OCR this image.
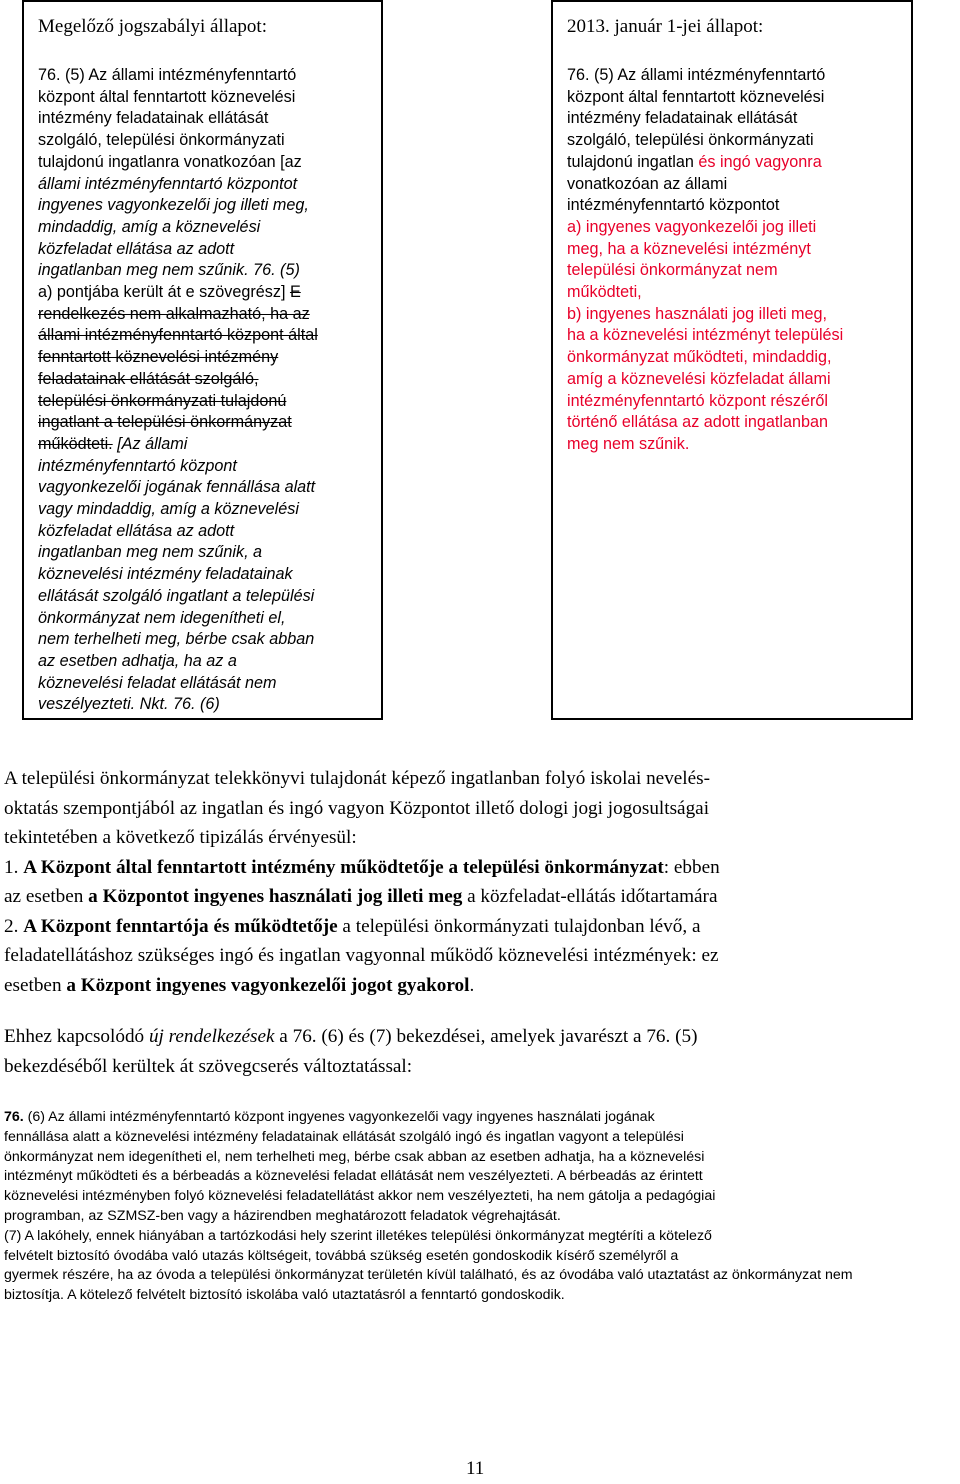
Megelőző jogszabályi állapot:
76. (5) Az állami intézményfenntartó
központ által fenntartott köznevelési
intézmény feladatainak ellátását
szolgáló, települési önkormányzati
tulajdonú ingatlanra vonatkozóan [az
állami intézményfenntartó központot
ingyenes vagyonkezelői jog illeti meg,
mindaddig, amíg a köznevelési
közfeladat ellátása az adott
ingatlanban meg nem szűnik. 76. (5)
a) pontjába került át e szövegrész] E
rendelkezés nem alkalmazható, ha az
állami intézményfenntartó központ által
fenntartott köznevelési intézmény
feladatainak ellátását szolgáló,
települési önkormányzati tulajdonú
ingatlant a települési önkormányzat
működteti. [Az állami
intézményfenntartó központ
vagyonkezelői jogának fennállása alatt
vagy mindaddig, amíg a köznevelési
közfeladat ellátása az adott
ingatlanban meg nem szűnik, a
köznevelési intézmény feladatainak
ellátását szolgáló ingatlant a települési
önkormányzat nem idegenítheti el,
nem terhelheti meg, bérbe csak abban
az esetben adhatja, ha az a
köznevelési feladat ellátását nem
veszélyezteti. Nkt. 76. (6)
2013. január 1-jei állapot:
76. (5) Az állami intézményfenntartó
központ által fenntartott köznevelési
intézmény feladatainak ellátását
szolgáló, települési önkormányzati
tulajdonú ingatlan és ingó vagyonra
vonatkozóan az állami
intézményfenntartó központot
a) ingyenes vagyonkezelői jog illeti
meg, ha a köznevelési intézményt
települési önkormányzat nem
működteti,
b) ingyenes használati jog illeti meg,
ha a köznevelési intézményt települési
önkormányzat működteti, mindaddig,
amíg a köznevelési közfeladat állami
intézményfenntartó központ részéről
történő ellátása az adott ingatlanban
meg nem szűnik.
A települési önkormányzat telekkönyvi tulajdonát képező ingatlanban folyó iskolai nevelés-
oktatás szempontjából az ingatlan és ingó vagyon Központot illető dologi jogi jogosultságai
tekintetében a következő tipizálás érvényesül:
1. A Központ által fenntartott intézmény működtetője a települési önkormányzat: ebben
az esetben a Központot ingyenes használati jog illeti meg a közfeladat-ellátás időtartamára
2. A Központ fenntartója és működtetője a települési önkormányzati tulajdonban lévő, a
feladatellátáshoz szükséges ingó és ingatlan vagyonnal működő köznevelési intézmények: ez
esetben a Központ ingyenes vagyonkezelői jogot gyakorol.
Ehhez kapcsolódó új rendelkezések a 76. (6) és (7) bekezdései, amelyek javarészt a 76. (5)
bekezdéséből kerültek át szövegcserés változtatással:
76. (6) Az állami intézményfenntartó központ ingyenes vagyonkezelői vagy ingyenes használati jogának
fennállása alatt a köznevelési intézmény feladatainak ellátását szolgáló ingó és ingatlan vagyont a települési
önkormányzat nem idegenítheti el, nem terhelheti meg, bérbe csak abban az esetben adhatja, ha a köznevelési
intézményt működteti és a bérbeadás a köznevelési feladat ellátását nem veszélyezteti. A bérbeadás az érintett
köznevelési intézményben folyó köznevelési feladatellátást akkor nem veszélyezteti, ha nem gátolja a pedagógiai
programban, az SZMSZ-ben vagy a házirendben meghatározott feladatok végrehajtását.
(7) A lakóhely, ennek hiányában a tartózkodási hely szerint illetékes települési önkormányzat megtéríti a kötelező
felvételt biztosító óvodába való utazás költségeit, továbbá szükség esetén gondoskodik kísérő személyről a
gyermek részére, ha az óvoda a települési önkormányzat területén kívül található, és az óvodába való utaztatást az önkormányzat nem
biztosítja. A kötelező felvételt biztosító iskolába való utaztatásról a fenntartó gondoskodik.
11
